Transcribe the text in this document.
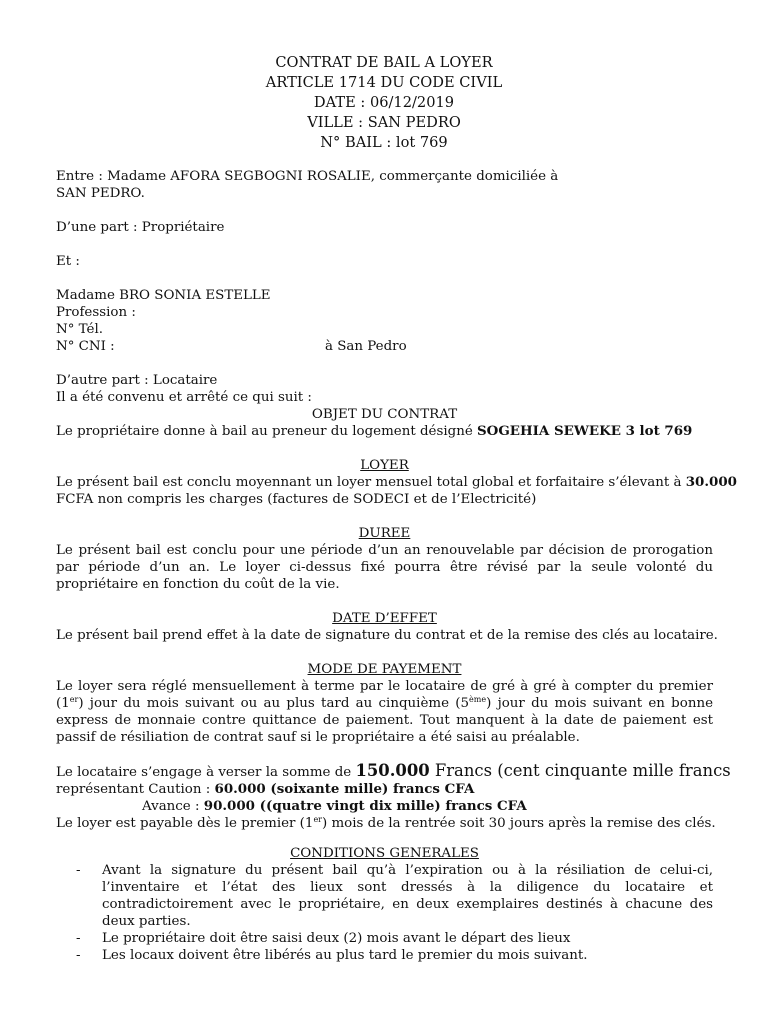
CONTRAT DE BAIL A LOYER
ARTICLE 1714 DU CODE CIVIL
DATE : 06/12/2019
VILLE : SAN PEDRO
N° BAIL : lot 769

Entre : Madame AFORA SEGBOGNI ROSALIE, commerçante domiciliée à

SAN PEDRO.

D’une part : Propriétaire

Et :

Madame BRO SONIA ESTELLE

Profession :

N° Tél.

N° CNI :	à San Pedro

D’autre part : Locataire

Il a été convenu et arrêté ce qui suit :

OBJET DU CONTRAT

Le propriétaire donne à bail au preneur du logement désigné SOGEHIA SEWEKE 3 lot 769

LOYER

Le présent bail est conclu moyennant un loyer mensuel total global et forfaitaire s’élevant à 30.000

FCFA non compris les charges (factures de SODECI et de l’Electricité)

DUREE

Le présent bail est conclu pour une période d’un an renouvelable par décision de prorogation par période d’un an. Le loyer ci-dessus fixé pourra être révisé par la seule volonté du propriétaire en fonction du coût de la vie.

DATE D’EFFET

Le présent bail prend effet à la date de signature du contrat et de la remise des clés au locataire.

MODE DE PAYEMENT

Le loyer sera réglé mensuellement à terme par le locataire de gré à gré à compter du premier (1er) jour du mois suivant ou au plus tard au cinquième (5ème) jour du mois suivant en bonne express de monnaie contre quittance de paiement. Tout manquent à la date de paiement est passif de résiliation de contrat sauf si le propriétaire a été saisi au préalable.

Le locataire s’engage à verser la somme de 150.000 Francs (cent cinquante mille francs

représentant Caution : 60.000 (soixante mille) francs CFA

Avance : 90.000 ((quatre vingt dix mille) francs CFA

Le loyer est payable dès le premier (1er) mois de la rentrée soit 30 jours après la remise des clés.

CONDITIONS GENERALES

- Avant la signature du présent bail qu’à l’expiration ou à la résiliation de celui-ci, l’inventaire et l’état des lieux sont dressés à la diligence du locataire et contradictoirement avec le propriétaire, en deux exemplaires destinés à chacune des deux parties.
- Le propriétaire doit être saisi deux (2) mois avant le départ des lieux
- Les locaux doivent être libérés au plus tard le premier du mois suivant.
